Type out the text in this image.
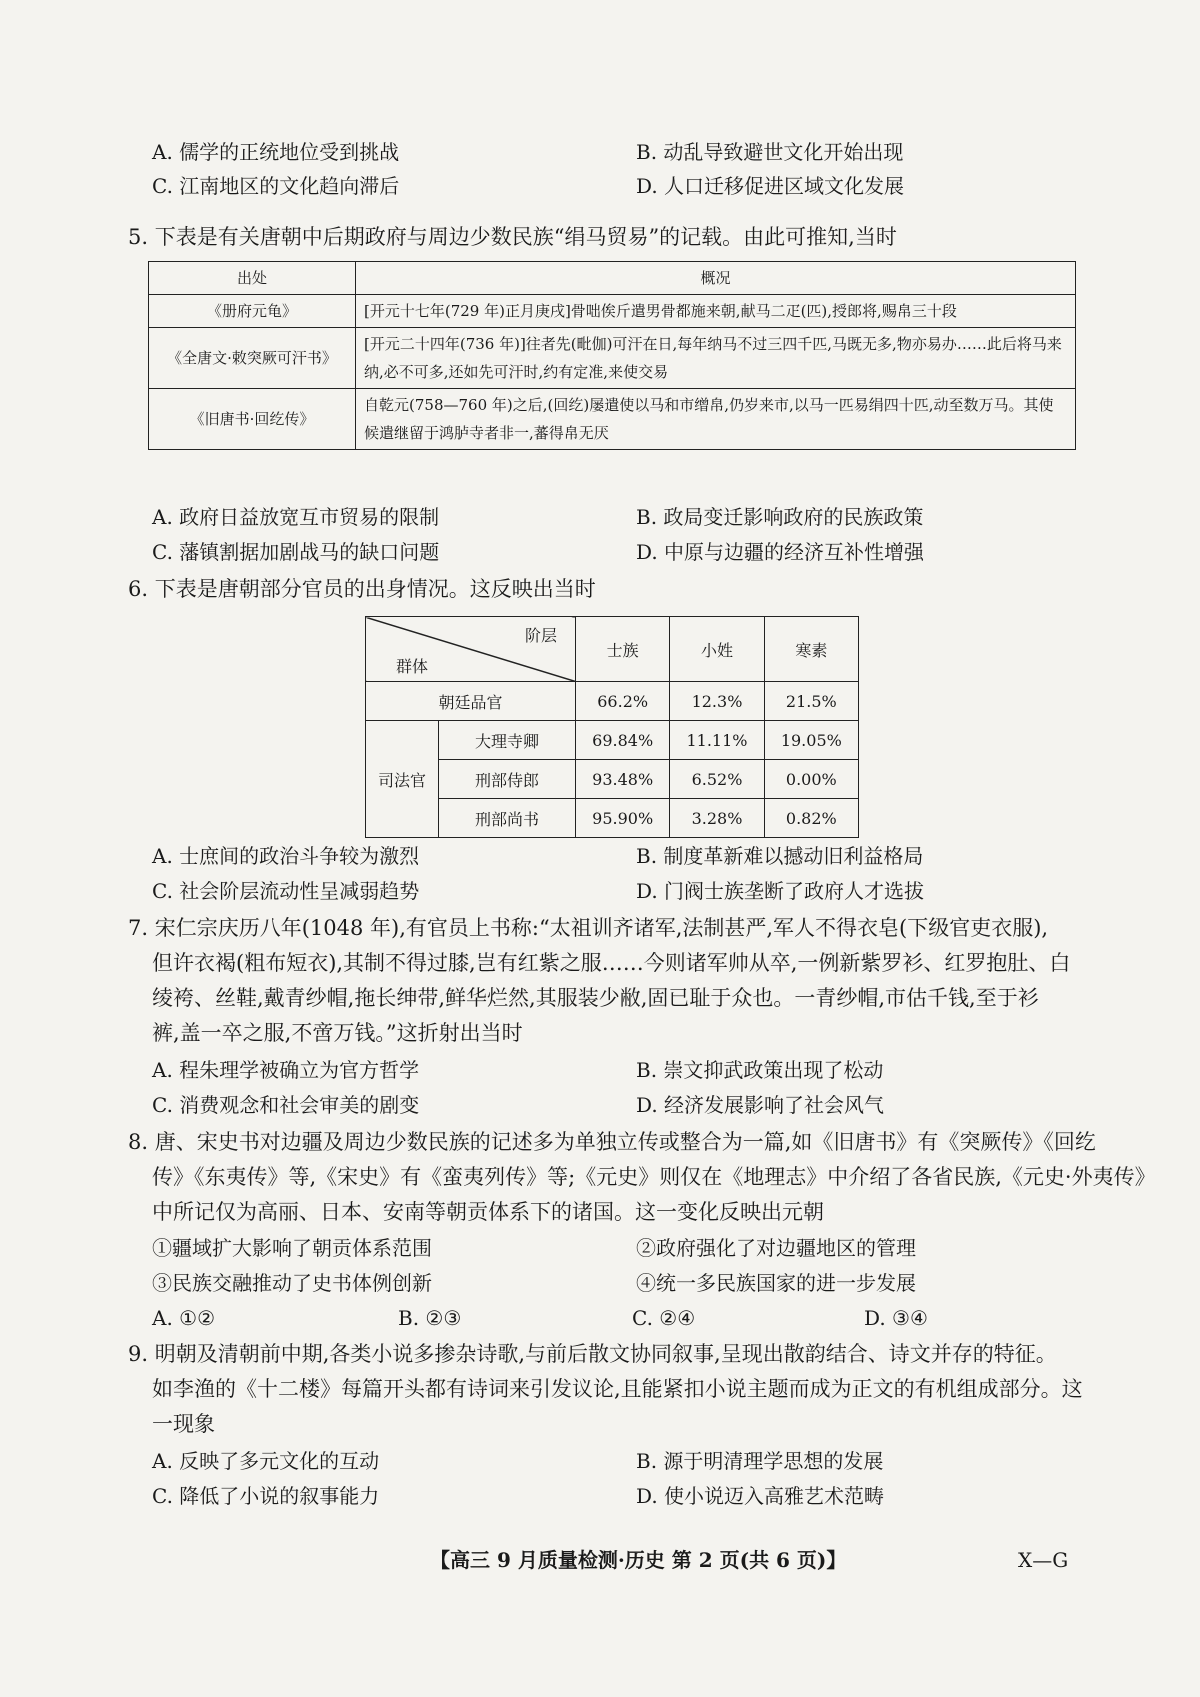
A. 儒学的正统地位受到挑战	B. 动乱导致避世文化开始出现
C. 江南地区的文化趋向滞后	D. 人口迁移促进区域文化发展
5. 下表是有关唐朝中后期政府与周边少数民族“绢马贸易”的记载。由此可推知,当时
出处	概况
《册府元龟》	[开元十七年(729 年)正月庚戌]骨咄俟斤遣男骨都施来朝,献马二疋(匹),授郎将,赐帛三十段
《全唐文·敕突厥可汗书》	[开元二十四年(736 年)]往者先(毗伽)可汗在日,每年纳马不过三四千匹,马既无多,物亦易办……此后将马来纳,必不可多,还如先可汗时,约有定准,来使交易
《旧唐书·回纥传》	自乾元(758—760 年)之后,(回纥)屡遣使以马和市缯帛,仍岁来市,以马一匹易绢四十匹,动至数万马。其使候遣继留于鸿胪寺者非一,蕃得帛无厌
A. 政府日益放宽互市贸易的限制	B. 政局变迁影响政府的民族政策
C. 藩镇割据加剧战马的缺口问题	D. 中原与边疆的经济互补性增强
6. 下表是唐朝部分官员的出身情况。这反映出当时
阶层
群体		士族	小姓	寒素
朝廷品官		66.2%	12.3%	21.5%
司法官	大理寺卿	69.84%	11.11%	19.05%
	刑部侍郎	93.48%	6.52%	0.00%
	刑部尚书	95.90%	3.28%	0.82%
A. 士庶间的政治斗争较为激烈	B. 制度革新难以撼动旧利益格局
C. 社会阶层流动性呈减弱趋势	D. 门阀士族垄断了政府人才选拔
7. 宋仁宗庆历八年(1048 年),有官员上书称:“太祖训齐诸军,法制甚严,军人不得衣皂(下级官吏衣服),
但许衣褐(粗布短衣),其制不得过膝,岂有红紫之服……今则诸军帅从卒,一例新紫罗衫、红罗抱肚、白
绫袴、丝鞋,戴青纱帽,拖长绅带,鲜华烂然,其服装少敝,固已耻于众也。一青纱帽,市估千钱,至于衫
裤,盖一卒之服,不啻万钱。”这折射出当时
A. 程朱理学被确立为官方哲学	B. 崇文抑武政策出现了松动
C. 消费观念和社会审美的剧变	D. 经济发展影响了社会风气
8. 唐、宋史书对边疆及周边少数民族的记述多为单独立传或整合为一篇,如《旧唐书》有《突厥传》《回纥
传》《东夷传》等,《宋史》有《蛮夷列传》等;《元史》则仅在《地理志》中介绍了各省民族,《元史·外夷传》
中所记仅为高丽、日本、安南等朝贡体系下的诸国。这一变化反映出元朝
①疆域扩大影响了朝贡体系范围	②政府强化了对边疆地区的管理
③民族交融推动了史书体例创新	④统一多民族国家的进一步发展
A. ①②	B. ②③	C. ②④	D. ③④
9. 明朝及清朝前中期,各类小说多掺杂诗歌,与前后散文协同叙事,呈现出散韵结合、诗文并存的特征。
如李渔的《十二楼》每篇开头都有诗词来引发议论,且能紧扣小说主题而成为正文的有机组成部分。这
一现象
A. 反映了多元文化的互动	B. 源于明清理学思想的发展
C. 降低了小说的叙事能力	D. 使小说迈入高雅艺术范畴
【高三 9 月质量检测·历史 第 2 页(共 6 页)】	X—G
